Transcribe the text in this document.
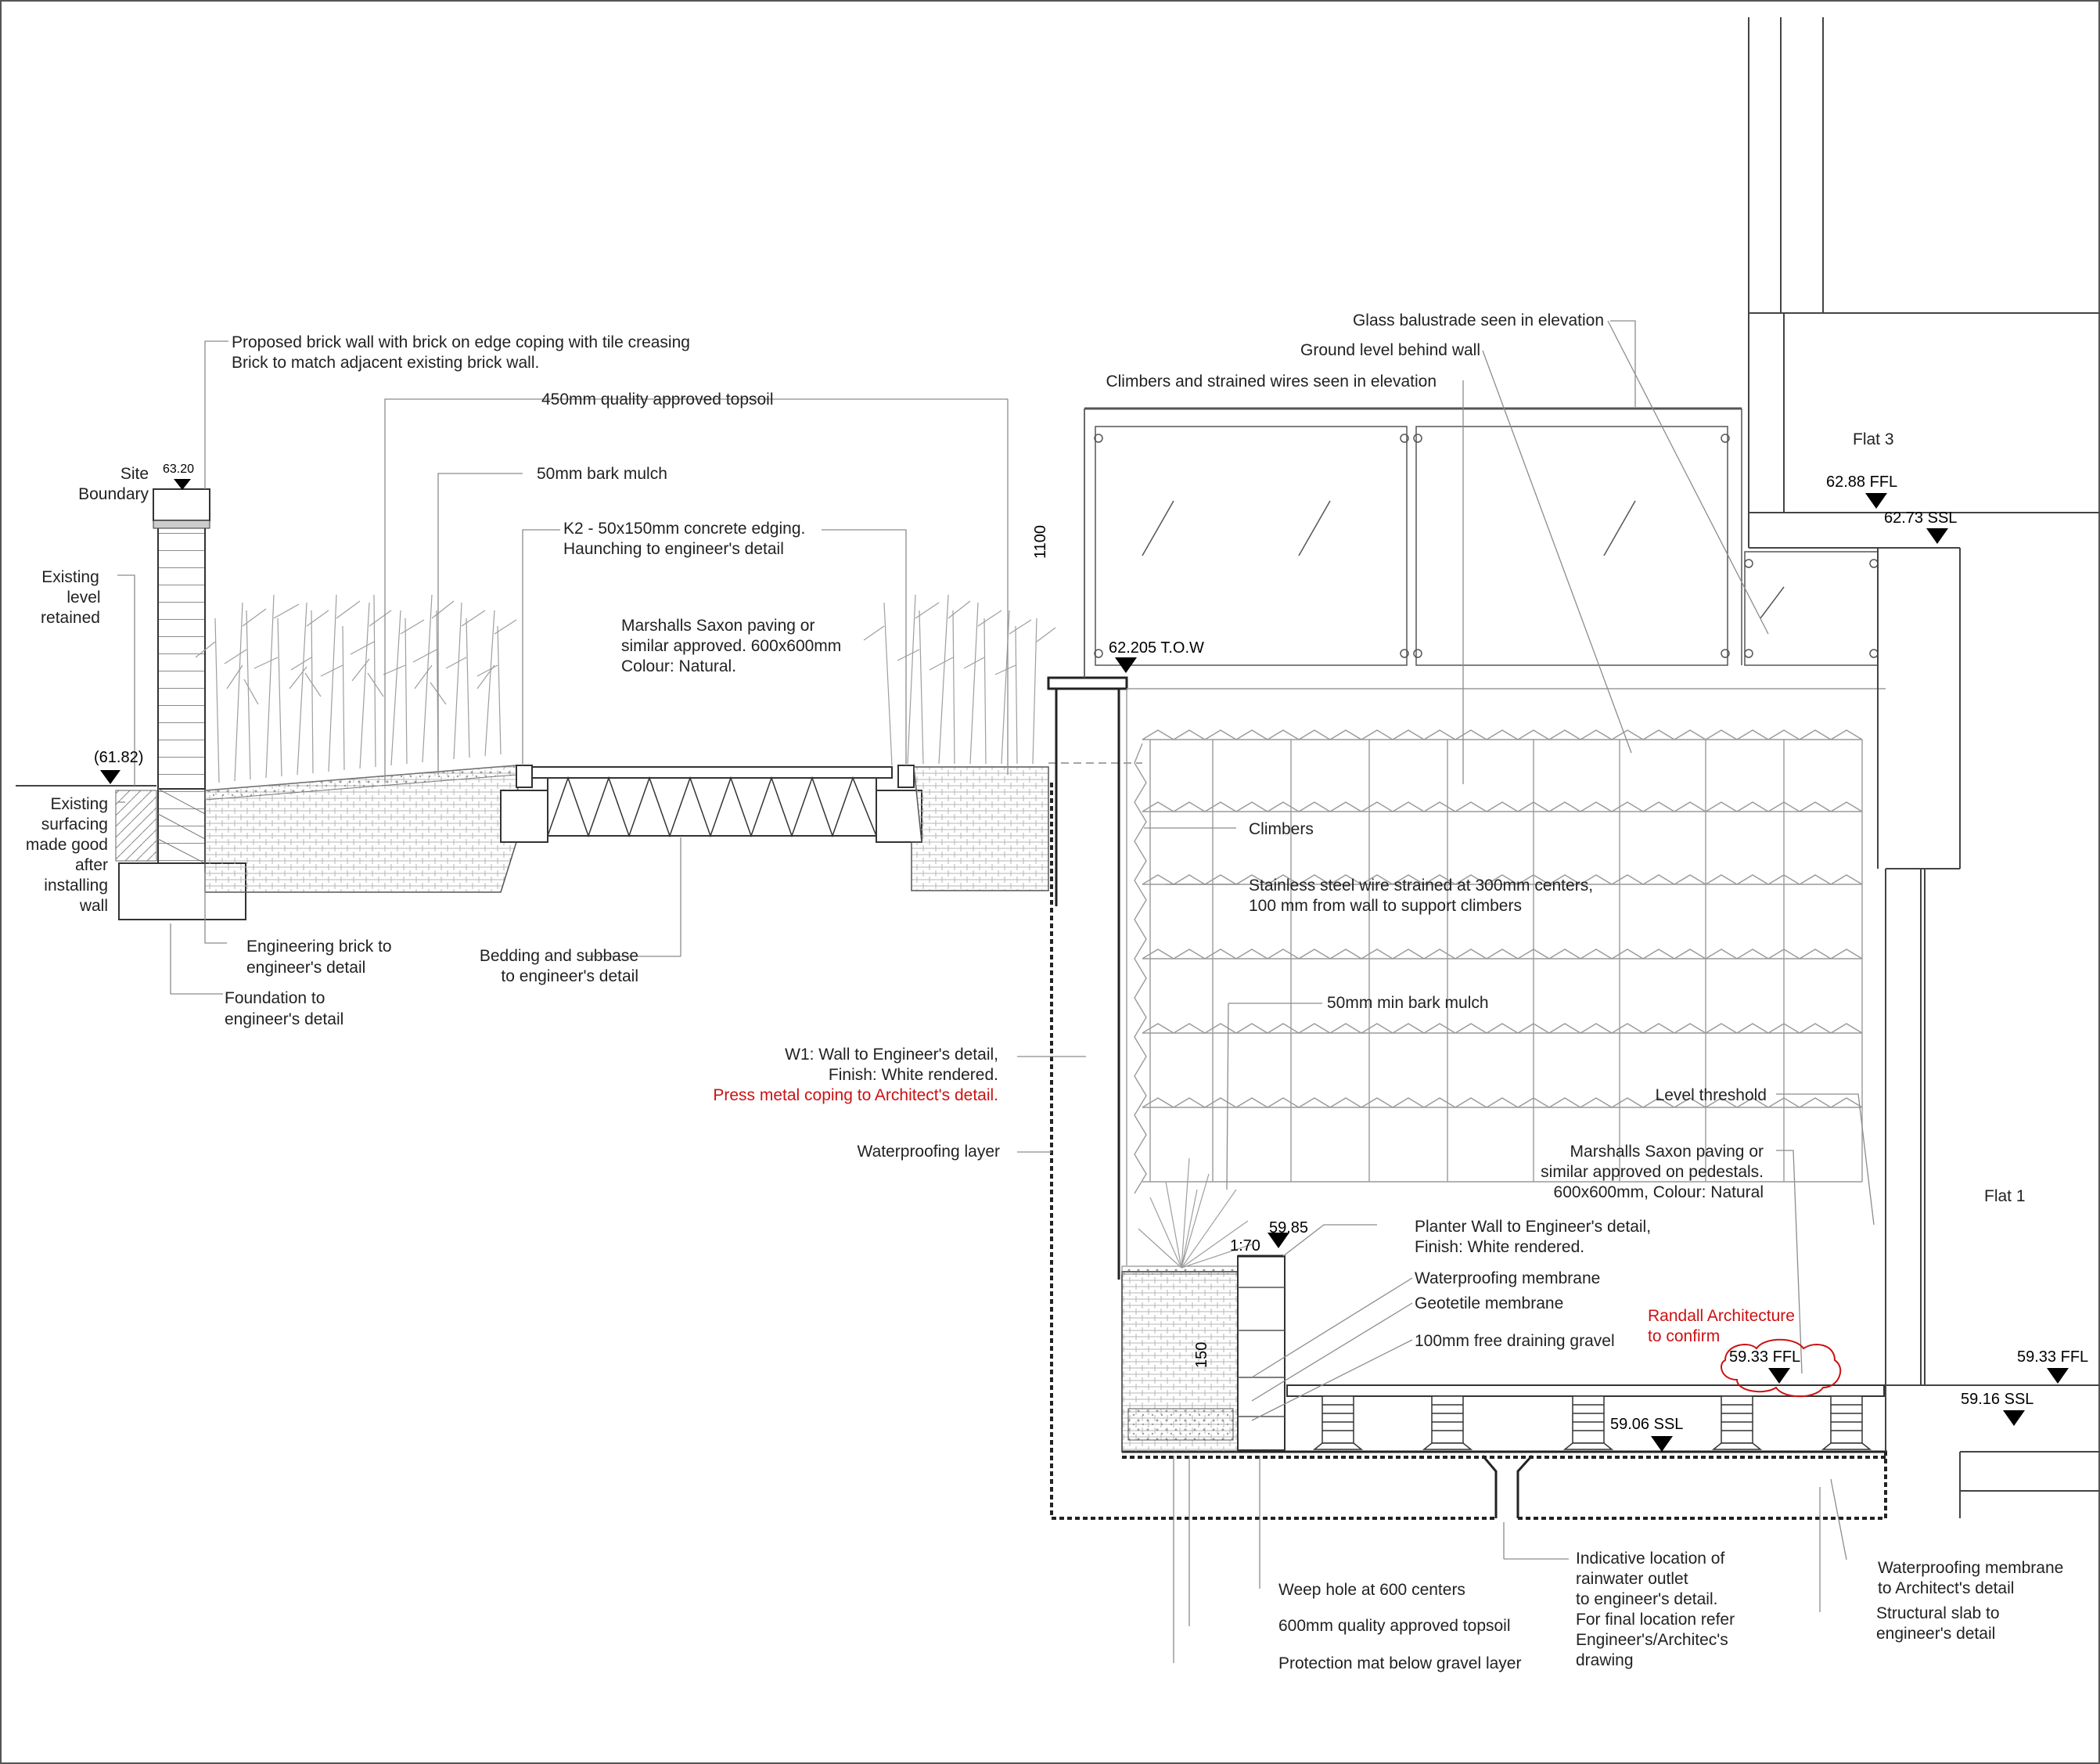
Proposed brick wall with brick on edge coping with tile creasing
Brick to match adjacent existing brick wall.
450mm quality approved topsoil
50mm bark mulch
K2 - 50x150mm concrete edging.
Haunching to engineer's detail
Marshalls Saxon paving or
similar approved. 600x600mm
Colour: Natural.
Site
Boundary
Existing
level
retained
Existing
surfacing
made good
after
installing
wall
Engineering brick to
engineer's detail
Foundation to
engineer's detail
Bedding and subbase
to engineer's detail
W1: Wall to Engineer's detail,
Finish: White rendered.
Press metal coping to Architect's detail.
Waterproofing layer
Glass balustrade seen in elevation
Ground level behind wall
Climbers and strained wires seen in elevation
Climbers
Stainless steel wire strained at 300mm centers,
100 mm from wall to support climbers
50mm min bark mulch
Level threshold
Marshalls Saxon paving or
similar approved on pedestals.
600x600mm, Colour: Natural
Planter Wall to Engineer's detail,
Finish: White rendered.
Waterproofing membrane
Geotetile membrane
100mm free draining gravel
Randall Architecture
to confirm
Weep hole at 600 centers
600mm quality approved topsoil
Protection mat below gravel layer
Indicative location of
rainwater outlet
to engineer's detail.
For final location refer
Engineer's/Architec's
drawing
Waterproofing membrane
to Architect's detail
Structural slab to
engineer's detail
Flat 3
Flat 1
63.20
(61.82)
62.205 T.O.W
62.88 FFL
62.73 SSL
59.85
59.33 FFL
59.06 SSL
59.33 FFL
59.16 SSL
1100
1:70
150
